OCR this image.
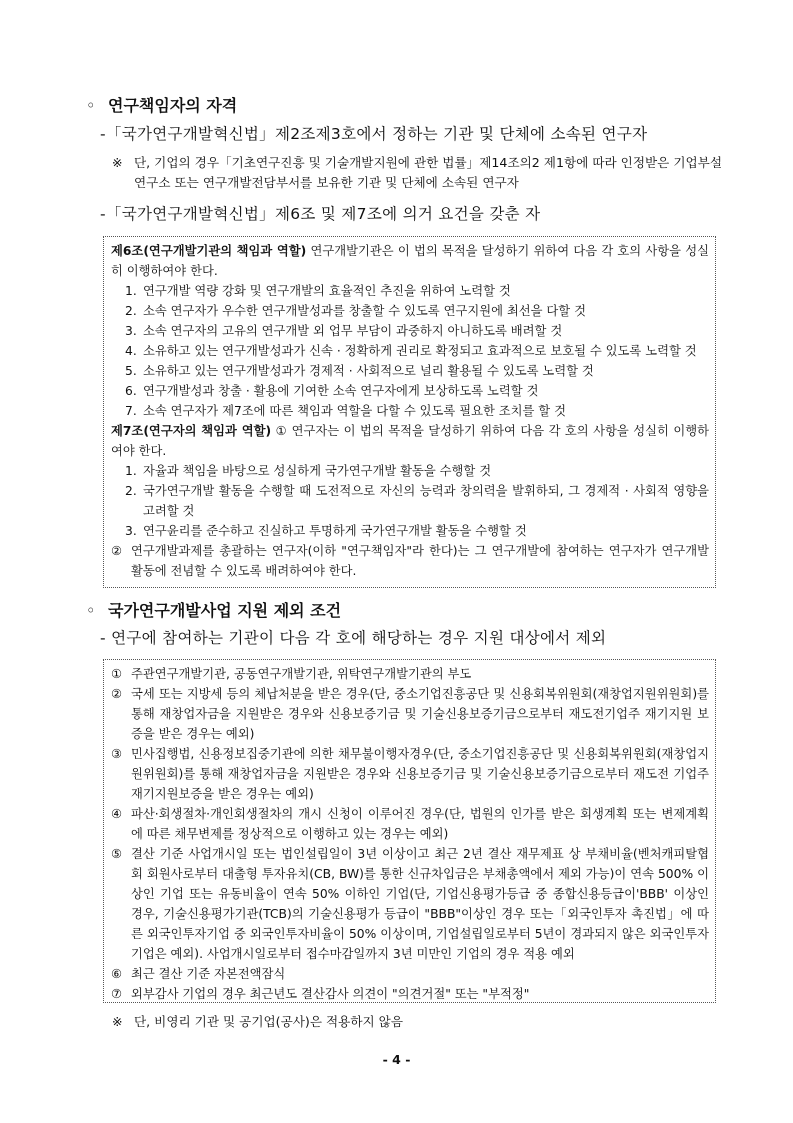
◦ 연구책임자의 자격
-「국가연구개발혁신법」제2조제3호에서 정하는 기관 및 단체에 소속된 연구자
※ 단, 기업의 경우「기초연구진흥 및 기술개발지원에 관한 법률」제14조의2 제1항에 따라 인정받은 기업부설 연구소 또는 연구개발전담부서를 보유한 기관 및 단체에 소속된 연구자
-「국가연구개발혁신법」제6조 및 제7조에 의거 요건을 갖춘 자

제6조(연구개발기관의 책임과 역할) 연구개발기관은 이 법의 목적을 달성하기 위하여 다음 각 호의 사항을 성실히 이행하여야 한다.

1. 연구개발 역량 강화 및 연구개발의 효율적인 추진을 위하여 노력할 것
2. 소속 연구자가 우수한 연구개발성과를 창출할 수 있도록 연구지원에 최선을 다할 것
3. 소속 연구자의 고유의 연구개발 외 업무 부담이 과중하지 아니하도록 배려할 것
4. 소유하고 있는 연구개발성과가 신속 · 정확하게 권리로 확정되고 효과적으로 보호될 수 있도록 노력할 것
5. 소유하고 있는 연구개발성과가 경제적 · 사회적으로 널리 활용될 수 있도록 노력할 것
6. 연구개발성과 창출 · 활용에 기여한 소속 연구자에게 보상하도록 노력할 것
7. 소속 연구자가 제7조에 따른 책임과 역할을 다할 수 있도록 필요한 조치를 할 것

제7조(연구자의 책임과 역할) ① 연구자는 이 법의 목적을 달성하기 위하여 다음 각 호의 사항을 성실히 이행하여야 한다.

1. 자율과 책임을 바탕으로 성실하게 국가연구개발 활동을 수행할 것
2. 국가연구개발 활동을 수행할 때 도전적으로 자신의 능력과 창의력을 발휘하되, 그 경제적 · 사회적 영향을 고려할 것
3. 연구윤리를 준수하고 진실하고 투명하게 국가연구개발 활동을 수행할 것
② 연구개발과제를 총괄하는 연구자(이하 "연구책임자"라 한다)는 그 연구개발에 참여하는 연구자가 연구개발 활동에 전념할 수 있도록 배려하여야 한다.
◦ 국가연구개발사업 지원 제외 조건
- 연구에 참여하는 기관이 다음 각 호에 해당하는 경우 지원 대상에서 제외
① 주관연구개발기관, 공동연구개발기관, 위탁연구개발기관의 부도
② 국세 또는 지방세 등의 체납처분을 받은 경우(단, 중소기업진흥공단 및 신용회복위원회(재창업지원위원회)를 통해 재창업자금을 지원받은 경우와 신용보증기금 및 기술신용보증기금으로부터 재도전기업주 재기지원 보증을 받은 경우는 예외)
③ 민사집행법, 신용정보집중기관에 의한 채무불이행자경우(단, 중소기업진흥공단 및 신용회복위원회(재창업지원위원회)를 통해 재창업자금을 지원받은 경우와 신용보증기금 및 기술신용보증기금으로부터 재도전 기업주 재기지원보증을 받은 경우는 예외)
④ 파산·회생절차·개인회생절차의 개시 신청이 이루어진 경우(단, 법원의 인가를 받은 회생계획 또는 변제계획에 따른 채무변제를 정상적으로 이행하고 있는 경우는 예외)
⑤ 결산 기준 사업개시일 또는 법인설립일이 3년 이상이고 최근 2년 결산 재무제표 상 부채비율(벤처캐피탈협회 회원사로부터 대출형 투자유치(CB, BW)를 통한 신규차입금은 부채총액에서 제외 가능)이 연속 500% 이상인 기업 또는 유동비율이 연속 50% 이하인 기업(단, 기업신용평가등급 중 종합신용등급이'BBB' 이상인 경우, 기술신용평가기관(TCB)의 기술신용평가 등급이 "BBB"이상인 경우 또는「외국인투자 촉진법」에 따른 외국인투자기업 중 외국인투자비율이 50% 이상이며, 기업설립일로부터 5년이 경과되지 않은 외국인투자기업은 예외). 사업개시일로부터 접수마감일까지 3년 미만인 기업의 경우 적용 예외
⑥ 최근 결산 기준 자본전액잠식
⑦ 외부감사 기업의 경우 최근년도 결산감사 의견이 "의견거절" 또는 "부적정"
※ 단, 비영리 기관 및 공기업(공사)은 적용하지 않음
- 4 -
